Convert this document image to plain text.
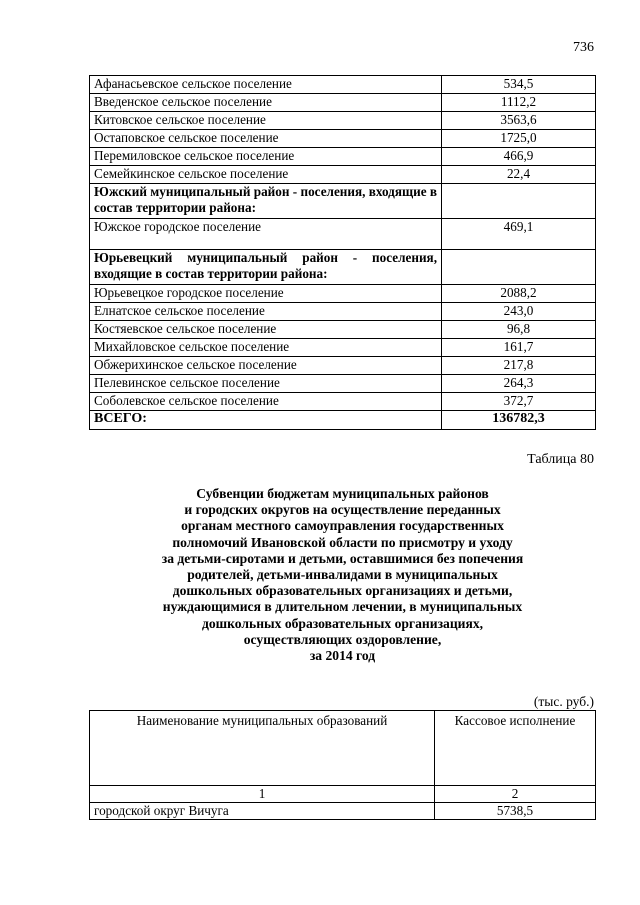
736
Афанасьевское сельское поселение	534,5
Введенское сельское поселение	1112,2
Китовское сельское поселение	3563,6
Остаповское сельское поселение	1725,0
Перемиловское сельское поселение	466,9
Семейкинское сельское поселение	22,4
Южский муниципальный район - поселения, входящие в состав территории района:	
Южское городское поселение	469,1
Юрьевецкий муниципальный район - поселения, входящие в состав территории района:	
Юрьевецкое городское поселение	2088,2
Елнатское сельское поселение	243,0
Костяевское сельское поселение	96,8
Михайловское сельское поселение	161,7
Обжерихинское сельское поселение	217,8
Пелевинское сельское поселение	264,3
Соболевское сельское поселение	372,7
ВСЕГО:	136782,3
Таблица 80
Субвенции бюджетам муниципальных районов
и городских округов на осуществление переданных
органам местного самоуправления государственных
полномочий Ивановской области по присмотру и уходу
за детьми-сиротами и детьми, оставшимися без попечения
родителей, детьми-инвалидами в муниципальных
дошкольных образовательных организациях и детьми,
нуждающимися в длительном лечении, в муниципальных
дошкольных образовательных организациях,
осуществляющих оздоровление,
за 2014 год
(тыс. руб.)
Наименование муниципальных образований	Кассовое исполнение
1	2
городской округ Вичуга	5738,5
